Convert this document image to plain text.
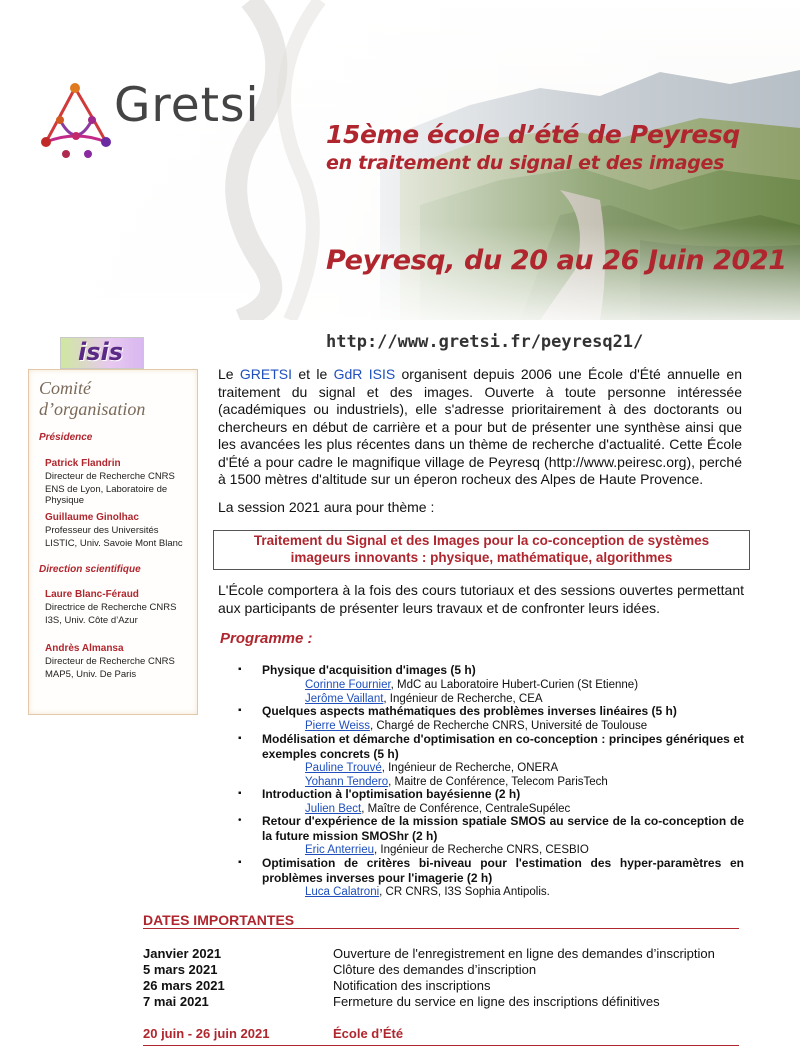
Gretsi
15ème école d’été de Peyresq
en traitement du signal et des images
Peyresq, du 20 au 26 Juin 2021
http://www.gretsi.fr/peyresq21/
isis
Comité d’organisation
Présidence
Patrick Flandrin
Directeur de Recherche CNRS
ENS de Lyon, Laboratoire de Physique
Guillaume Ginolhac
Professeur des Universités
LISTIC, Univ. Savoie Mont Blanc
Direction scientifique
Laure Blanc-Féraud
Directrice de Recherche CNRS
I3S, Univ. Côte d’Azur
Andrès Almansa
Directeur de Recherche CNRS
MAP5, Univ. De Paris
Le GRETSI et le GdR ISIS organisent depuis 2006 une École d'Été annuelle en traitement du signal et des images. Ouverte à toute personne intéressée (académiques ou industriels), elle s'adresse prioritairement à des doctorants ou chercheurs en début de carrière et a pour but de présenter une synthèse ainsi que les avancées les plus récentes dans un thème de recherche d'actualité. Cette École d'Été a pour cadre le magnifique village de Peyresq (http://www.peiresc.org), perché à 1500 mètres d'altitude sur un éperon rocheux des Alpes de Haute Provence.
La session 2021 aura pour thème :
Traitement du Signal et des Images pour la co-conception de systèmes
imageurs innovants : physique, mathématique, algorithmes
L'École comportera à la fois des cours tutoriaux et des sessions ouvertes permettant aux participants de présenter leurs travaux et de confronter leurs idées.
Programme :
▪ Physique d'acquisition d'images (5 h)
Corinne Fournier, MdC au Laboratoire Hubert-Curien (St Etienne)
Jerôme Vaillant, Ingénieur de Recherche, CEA
▪ Quelques aspects mathématiques des problèmes inverses linéaires (5 h)
Pierre Weiss, Chargé de Recherche CNRS, Université de Toulouse
▪ Modélisation et démarche d'optimisation en co-conception : principes génériques et exemples concrets (5 h)
Pauline Trouvé, Ingénieur de Recherche, ONERA
Yohann Tendero, Maitre de Conférence, Telecom ParisTech
▪ Introduction à l'optimisation bayésienne (2 h)
Julien Bect, Maître de Conférence, CentraleSupélec
• Retour d'expérience de la mission spatiale SMOS au service de la co-conception de la future mission SMOShr (2 h)
Eric Anterrieu, Ingénieur de Recherche CNRS, CESBIO
▪ Optimisation de critères bi-niveau pour l'estimation des hyper-paramètres en problèmes inverses pour l'imagerie (2 h)
Luca Calatroni, CR CNRS, I3S Sophia Antipolis.
DATES IMPORTANTES
Janvier 2021	Ouverture de l'enregistrement en ligne des demandes d’inscription
5 mars 2021	Clôture des demandes d’inscription
26 mars 2021	Notification des inscriptions
7 mai 2021	Fermeture du service en ligne des inscriptions définitives
20 juin - 26 juin 2021	École d’Été
